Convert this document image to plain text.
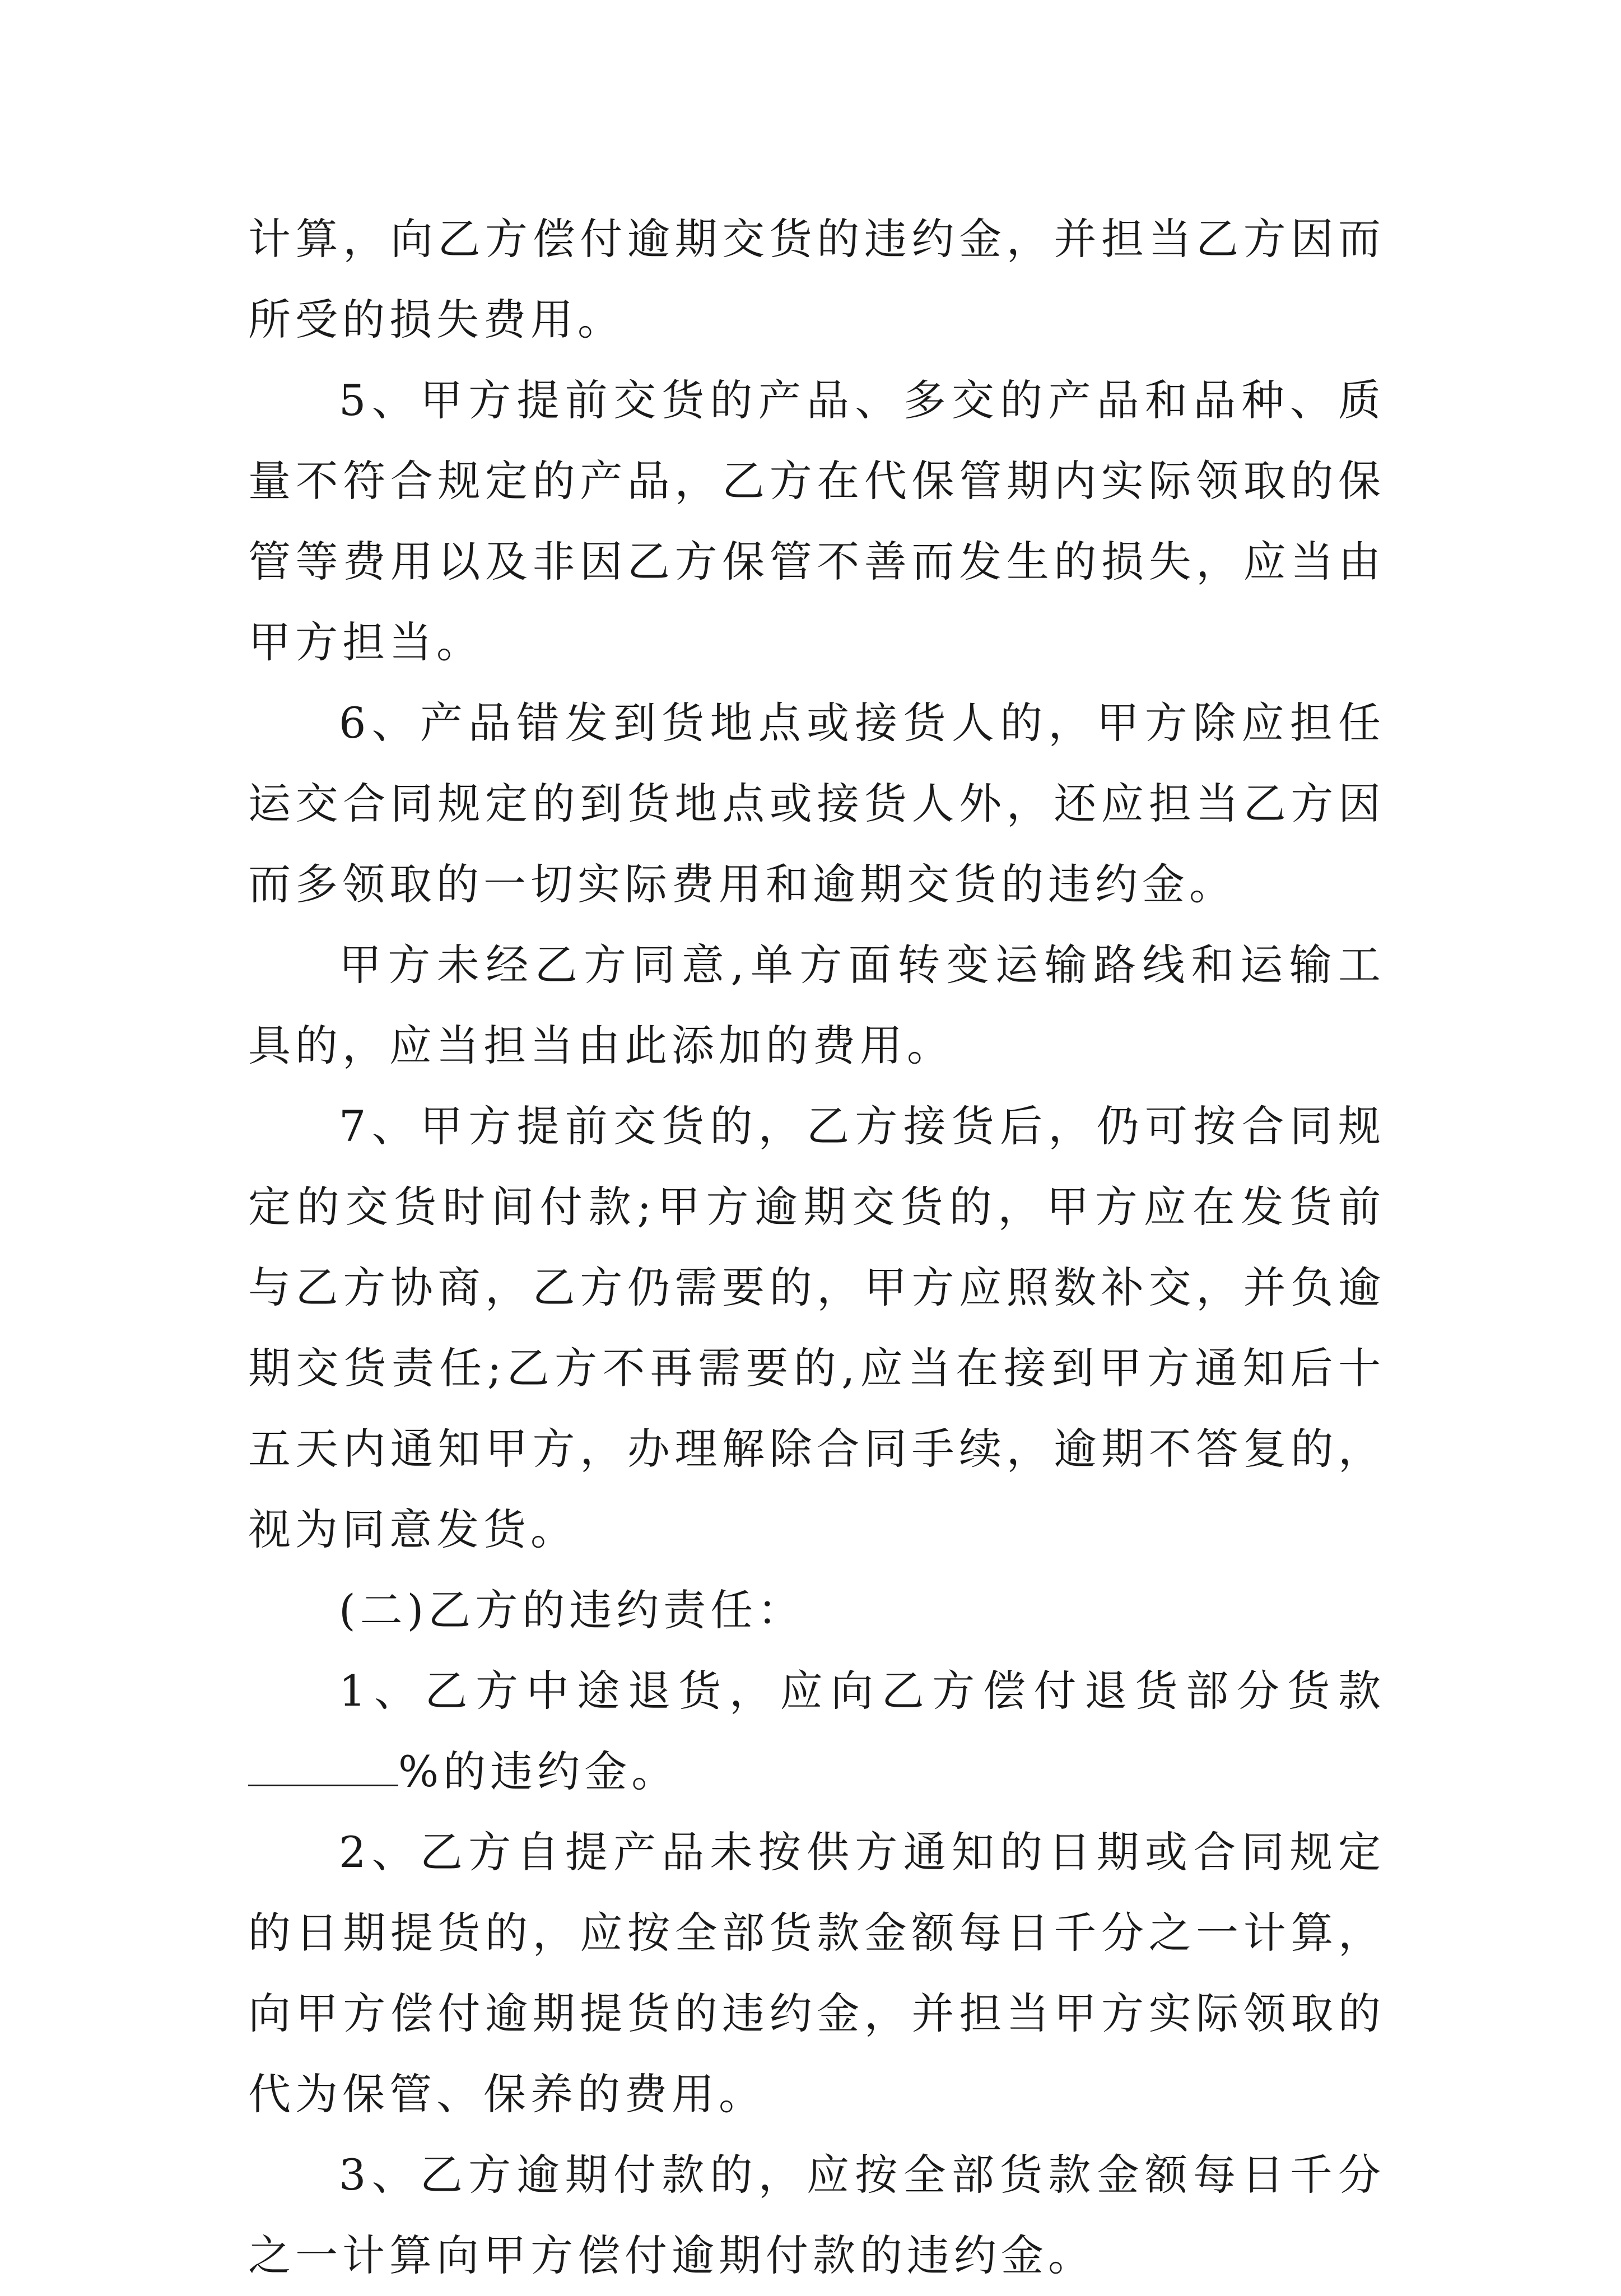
计算，向乙方偿付逾期交货的违约金，并担当乙方因而所受的损失费用。

5、甲方提前交货的产品、多交的产品和品种、质量不符合规定的产品，乙方在代保管期内实际领取的保管等费用以及非因乙方保管不善而发生的损失，应当由甲方担当。

6、产品错发到货地点或接货人的，甲方除应担任运交合同规定的到货地点或接货人外，还应担当乙方因而多领取的一切实际费用和逾期交货的违约金。

甲方未经乙方同意,单方面转变运输路线和运输工具的，应当担当由此添加的费用。

7、甲方提前交货的，乙方接货后，仍可按合同规定的交货时间付款;甲方逾期交货的，甲方应在发货前与乙方协商，乙方仍需要的，甲方应照数补交，并负逾期交货责任;乙方不再需要的,应当在接到甲方通知后十五天内通知甲方，办理解除合同手续，逾期不答复的，视为同意发货。

(二)乙方的违约责任：

1、乙方中途退货，应向乙方偿付退货部分货款%的违约金。

2、乙方自提产品未按供方通知的日期或合同规定的日期提货的，应按全部货款金额每日千分之一计算，向甲方偿付逾期提货的违约金，并担当甲方实际领取的代为保管、保养的费用。

3、乙方逾期付款的，应按全部货款金额每日千分之一计算向甲方偿付逾期付款的违约金。
